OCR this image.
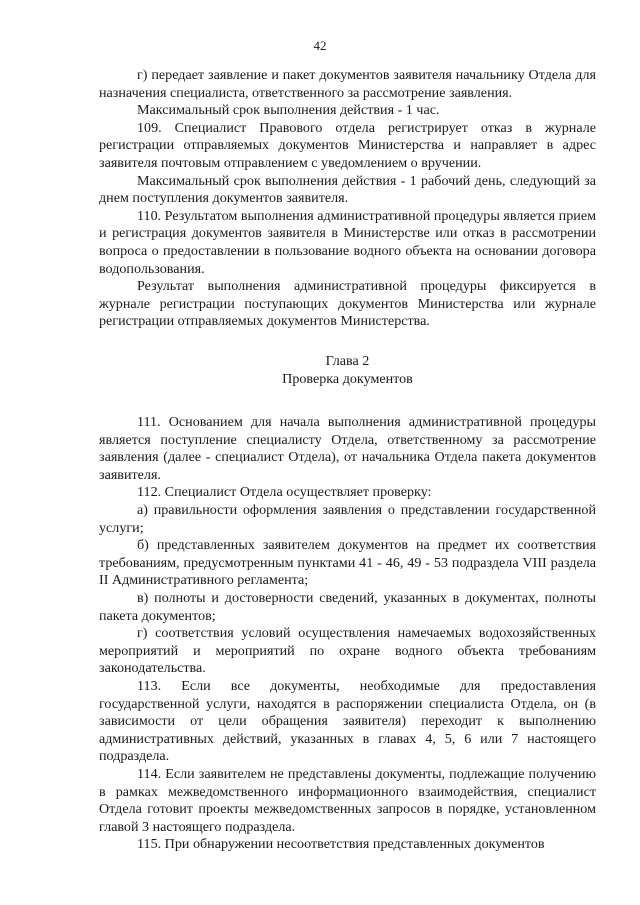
42

г) передает заявление и пакет документов заявителя начальнику Отдела для назначения специалиста, ответственного за рассмотрение заявления.

Максимальный срок выполнения действия - 1 час.

109. Специалист Правового отдела регистрирует отказ в журнале регистрации отправляемых документов Министерства и направляет в адрес заявителя почтовым отправлением с уведомлением о вручении.

Максимальный срок выполнения действия - 1 рабочий день, следующий за днем поступления документов заявителя.

110. Результатом выполнения административной процедуры является прием и регистрация документов заявителя в Министерстве или отказ в рассмотрении вопроса о предоставлении в пользование водного объекта на основании договора водопользования.

Результат выполнения административной процедуры фиксируется в журнале регистрации поступающих документов Министерства или журнале регистрации отправляемых документов Министерства.

Глава 2

Проверка документов

111. Основанием для начала выполнения административной процедуры является поступление специалисту Отдела, ответственному за рассмотрение заявления (далее - специалист Отдела), от начальника Отдела пакета документов заявителя.

112. Специалист Отдела осуществляет проверку:

а) правильности оформления заявления о представлении государственной услуги;

б) представленных заявителем документов на предмет их соответствия требованиям, предусмотренным пунктами 41 - 46, 49 - 53 подраздела VIII раздела II Административного регламента;

в) полноты и достоверности сведений, указанных в документах, полноты пакета документов;

г) соответствия условий осуществления намечаемых водохозяйственных мероприятий и мероприятий по охране водного объекта требованиям законодательства.

113. Если все документы, необходимые для предоставления государственной услуги, находятся в распоряжении специалиста Отдела, он (в зависимости от цели обращения заявителя) переходит к выполнению административных действий, указанных в главах 4, 5, 6 или 7 настоящего подраздела.

114. Если заявителем не представлены документы, подлежащие получению в рамках межведомственного информационного взаимодействия, специалист Отдела готовит проекты межведомственных запросов в порядке, установленном главой 3 настоящего подраздела.

115. При обнаружении несоответствия представленных документов
